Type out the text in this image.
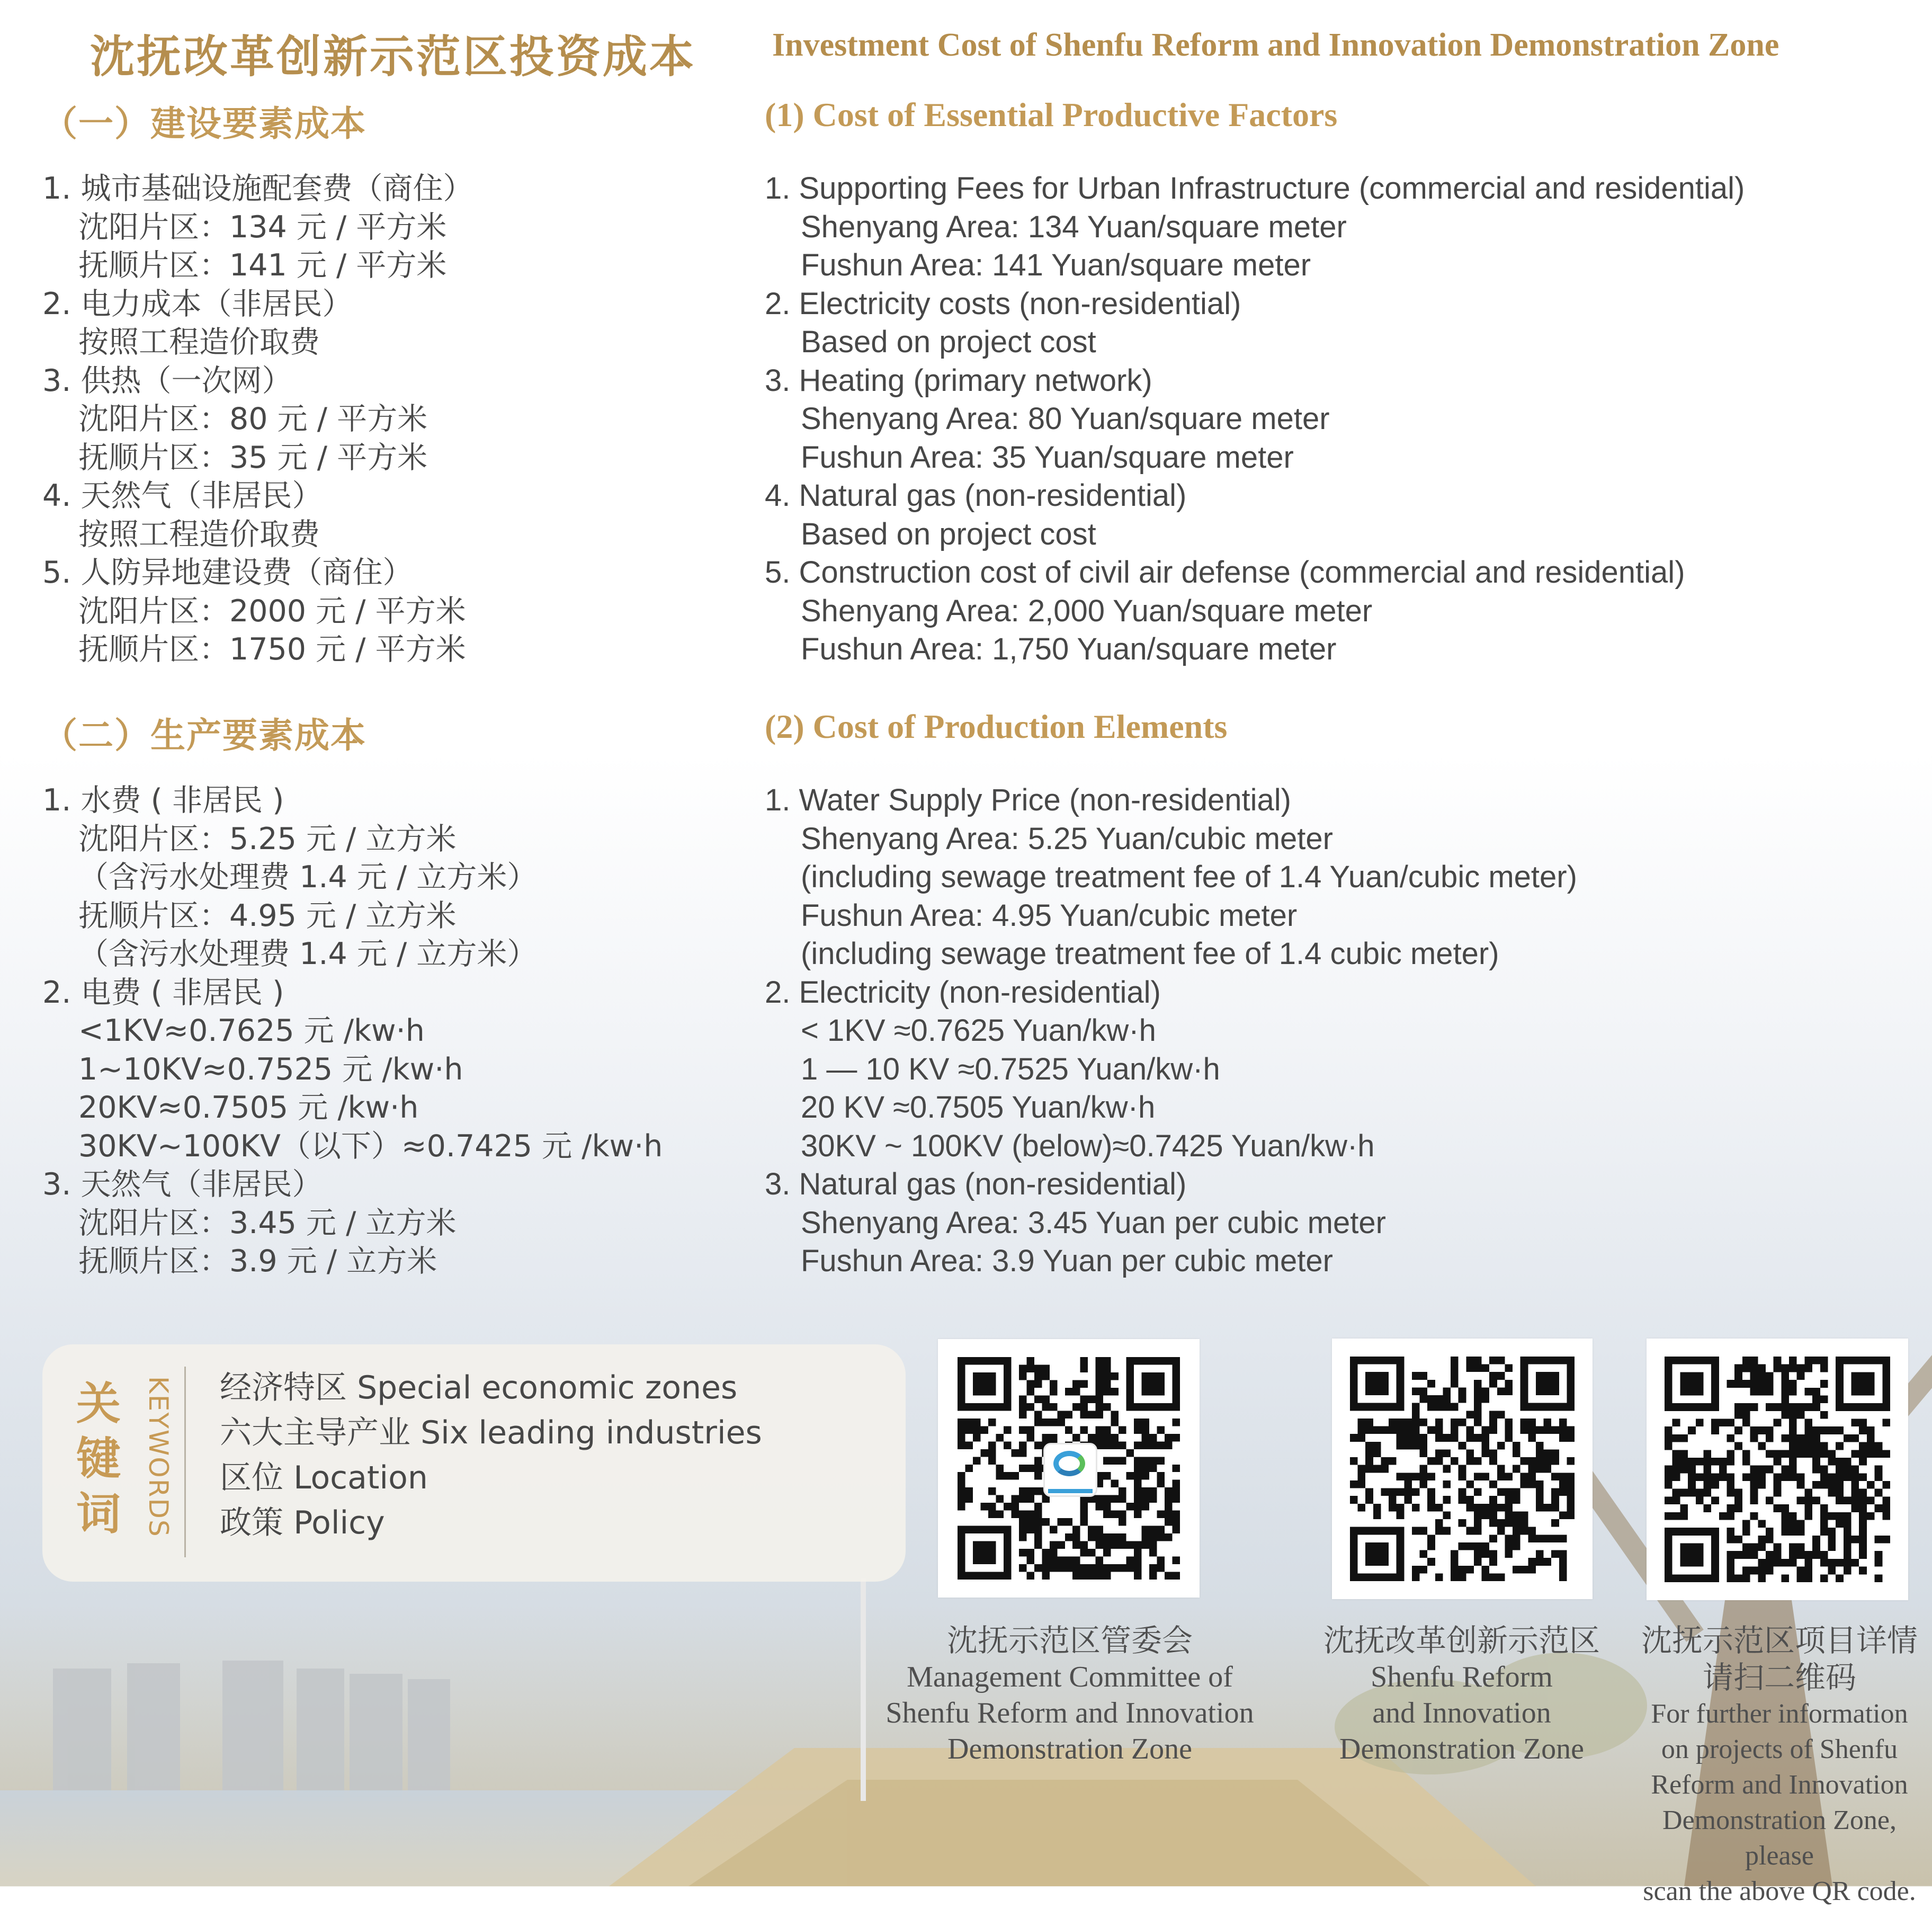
沈抚改革创新示范区投资成本 Investment Cost of Shenfu Reform and Innovation Demonstration Zone
（一）建设要素成本	(1) Cost of Essential Productive Factors
1. 城市基础设施配套费（商住）
沈阳片区：134 元 / 平方米
抚顺片区：141 元 / 平方米
2. 电力成本（非居民）
按照工程造价取费
3. 供热（一次网）
沈阳片区：80 元 / 平方米
抚顺片区：35 元 / 平方米
4. 天然气（非居民）
按照工程造价取费
5. 人防异地建设费（商住）
沈阳片区：2000 元 / 平方米
抚顺片区：1750 元 / 平方米
1. Supporting Fees for Urban Infrastructure (commercial and residential)
Shenyang Area: 134 Yuan/square meter
Fushun Area: 141 Yuan/square meter
2. Electricity costs (non-residential)
Based on project cost
3. Heating (primary network)
Shenyang Area: 80 Yuan/square meter
Fushun Area: 35 Yuan/square meter
4. Natural gas (non-residential)
Based on project cost
5. Construction cost of civil air defense (commercial and residential)
Shenyang Area: 2,000 Yuan/square meter
Fushun Area: 1,750 Yuan/square meter
（二）生产要素成本	(2) Cost of Production Elements
1. 水费 ( 非居民 )
沈阳片区：5.25 元 / 立方米
（含污水处理费 1.4 元 / 立方米）
抚顺片区：4.95 元 / 立方米
（含污水处理费 1.4 元 / 立方米）
2. 电费 ( 非居民 )
<1KV≈0.7625 元 /kw·h
1~10KV≈0.7525 元 /kw·h
20KV≈0.7505 元 /kw·h
30KV~100KV（以下）≈0.7425 元 /kw·h
3. 天然气（非居民）
沈阳片区：3.45 元 / 立方米
抚顺片区：3.9 元 / 立方米
1. Water Supply Price (non-residential)
Shenyang Area: 5.25 Yuan/cubic meter
(including sewage treatment fee of 1.4 Yuan/cubic meter)
Fushun Area: 4.95 Yuan/cubic meter
(including sewage treatment fee of 1.4 cubic meter)
2. Electricity (non-residential)
< 1KV ≈0.7625 Yuan/kw·h
1 — 10 KV ≈0.7525 Yuan/kw·h
20 KV ≈0.7505 Yuan/kw·h
30KV ~ 100KV (below)≈0.7425 Yuan/kw·h
3. Natural gas (non-residential)
Shenyang Area: 3.45 Yuan per cubic meter
Fushun Area: 3.9 Yuan per cubic meter
关键词 KEYWORDS 经济特区 Special economic zones
六大主导产业 Six leading industries
区位 Location
政策 Policy
沈抚示范区管委会
Management Committee of
Shenfu Reform and Innovation
Demonstration Zone
沈抚改革创新示范区
Shenfu Reform
and Innovation
Demonstration Zone
沈抚示范区项目详情
请扫二维码
For further information
on projects of Shenfu
Reform and Innovation
Demonstration Zone, please
scan the above QR code.
